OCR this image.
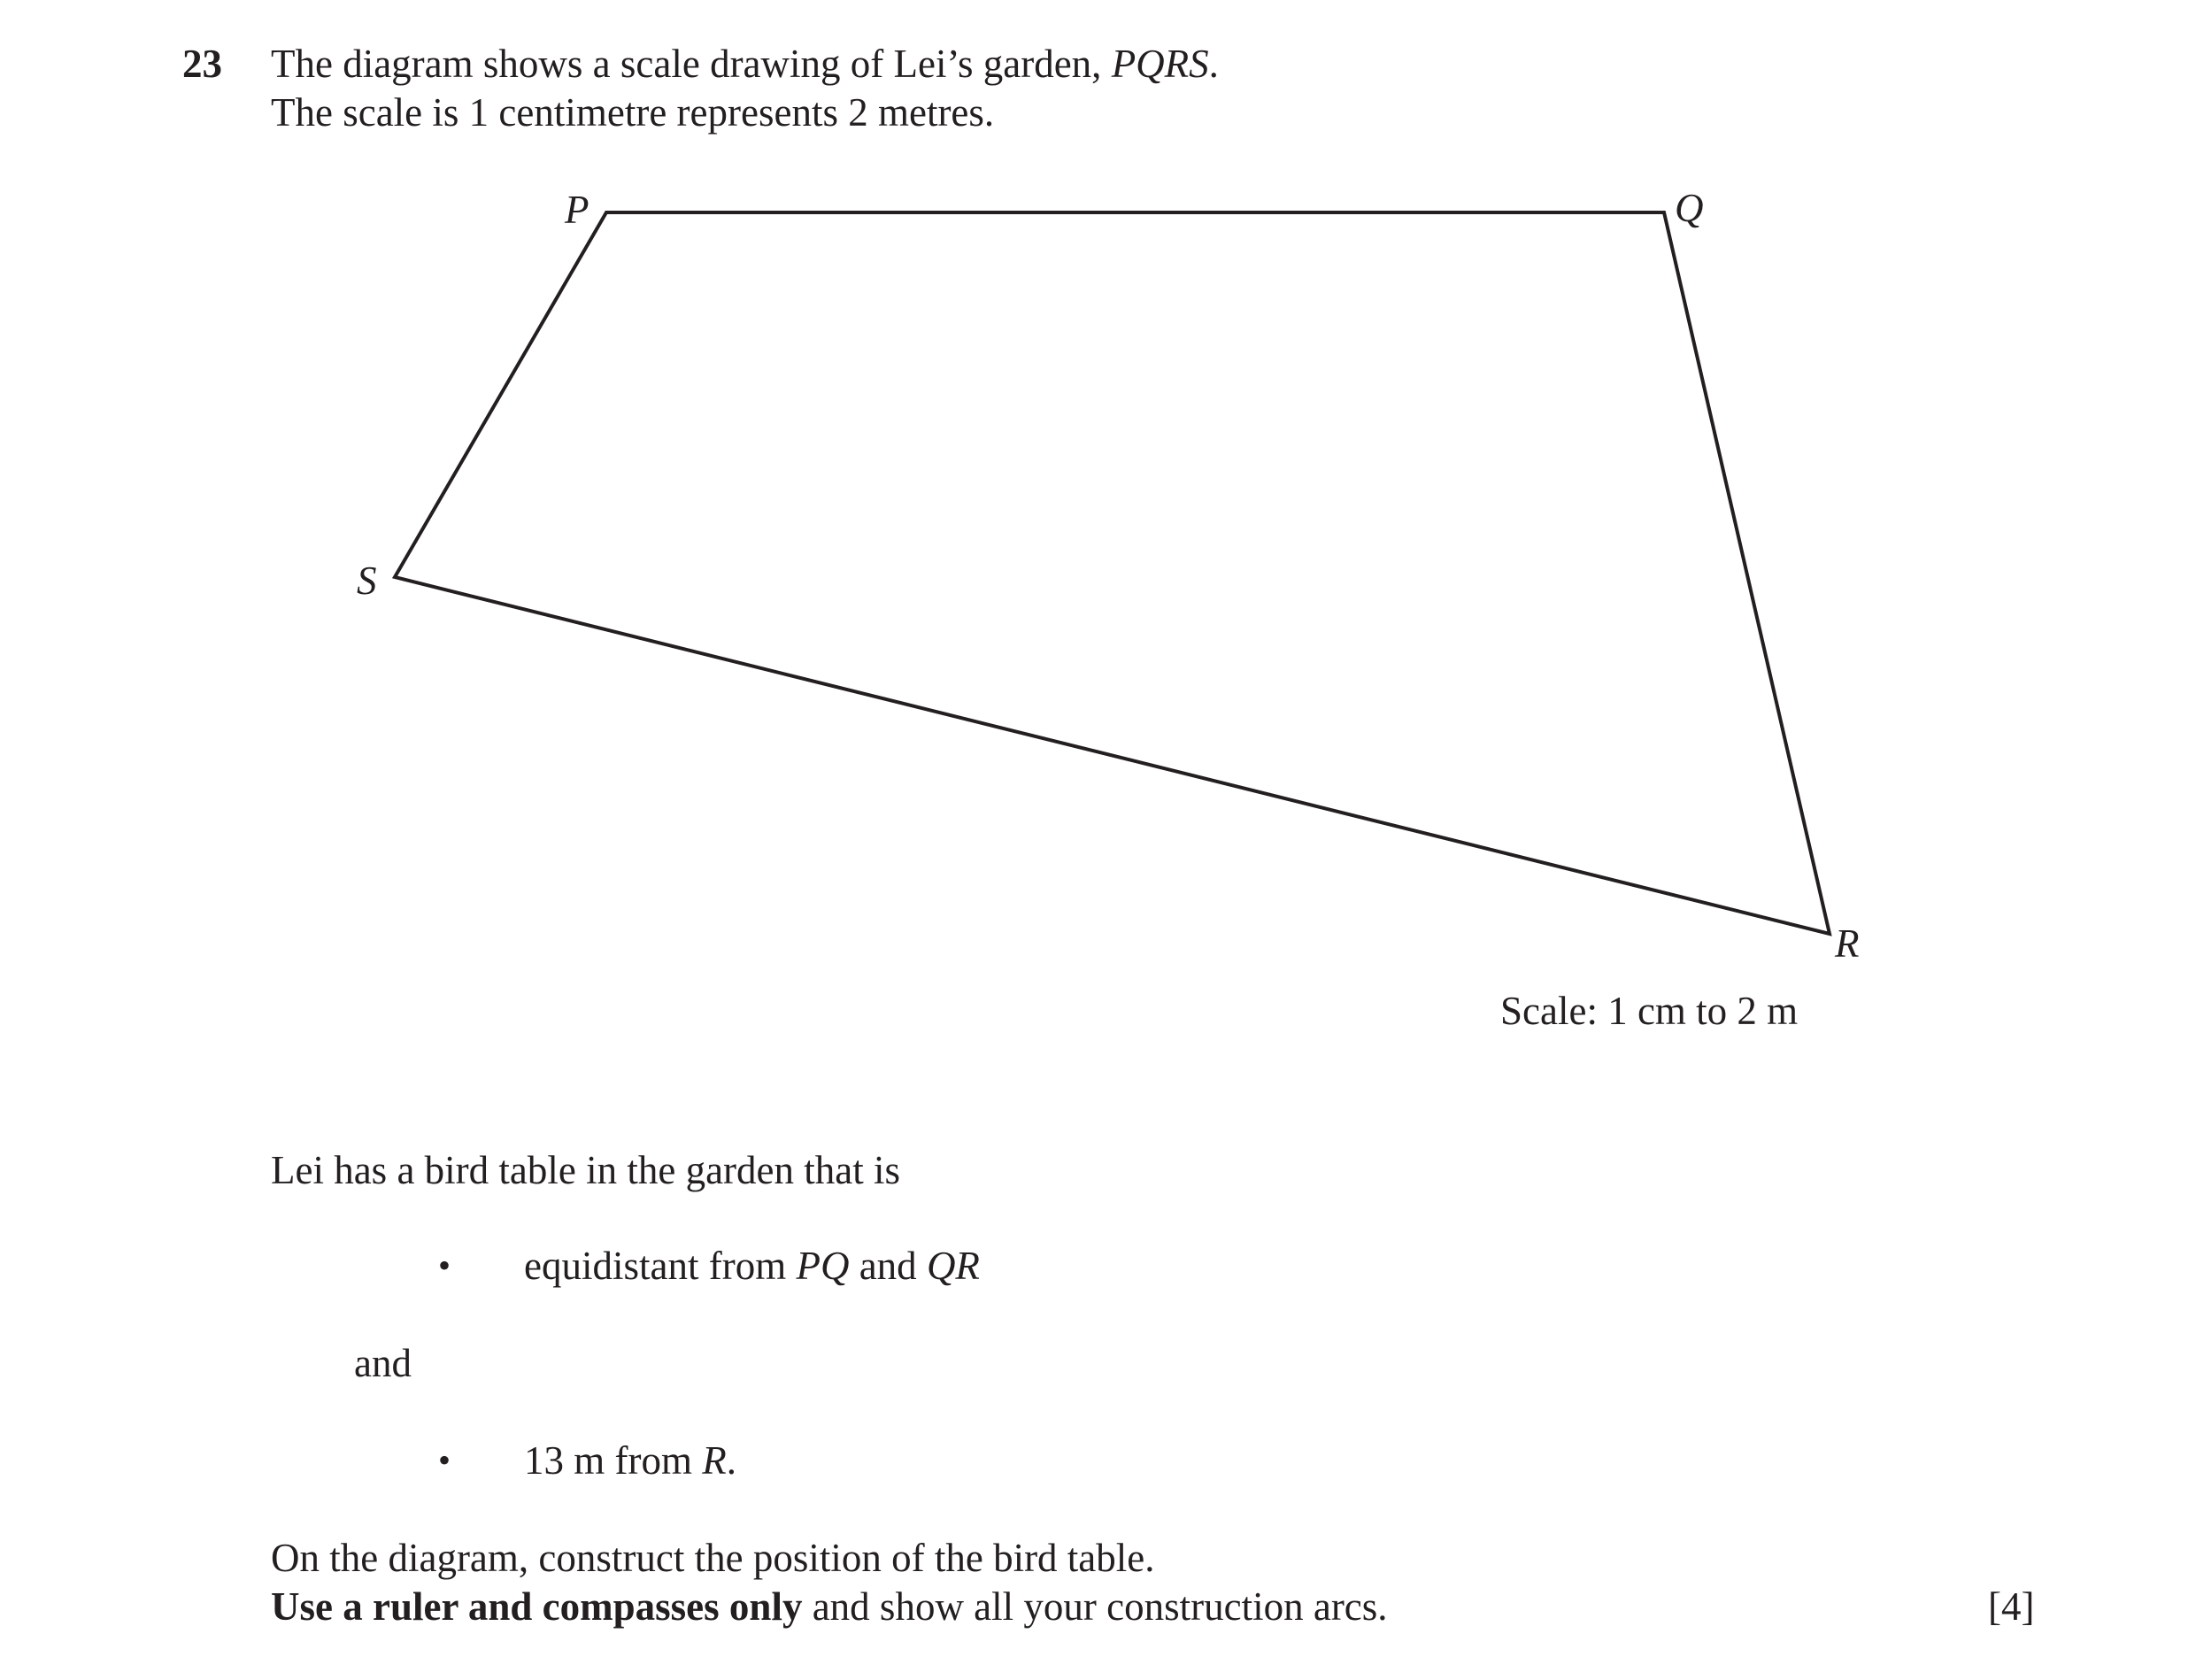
23 The diagram shows a scale drawing of Lei’s garden, PQRS.
The scale is 1 centimetre represents 2 metres.
P	Q
R
S
Scale: 1 cm to 2 m
Lei has a bird table in the garden that is
• equidistant from PQ and QR
and
• 13 m from R.
On the diagram, construct the position of the bird table.
Use a ruler and compasses only and show all your construction arcs.	[4]
